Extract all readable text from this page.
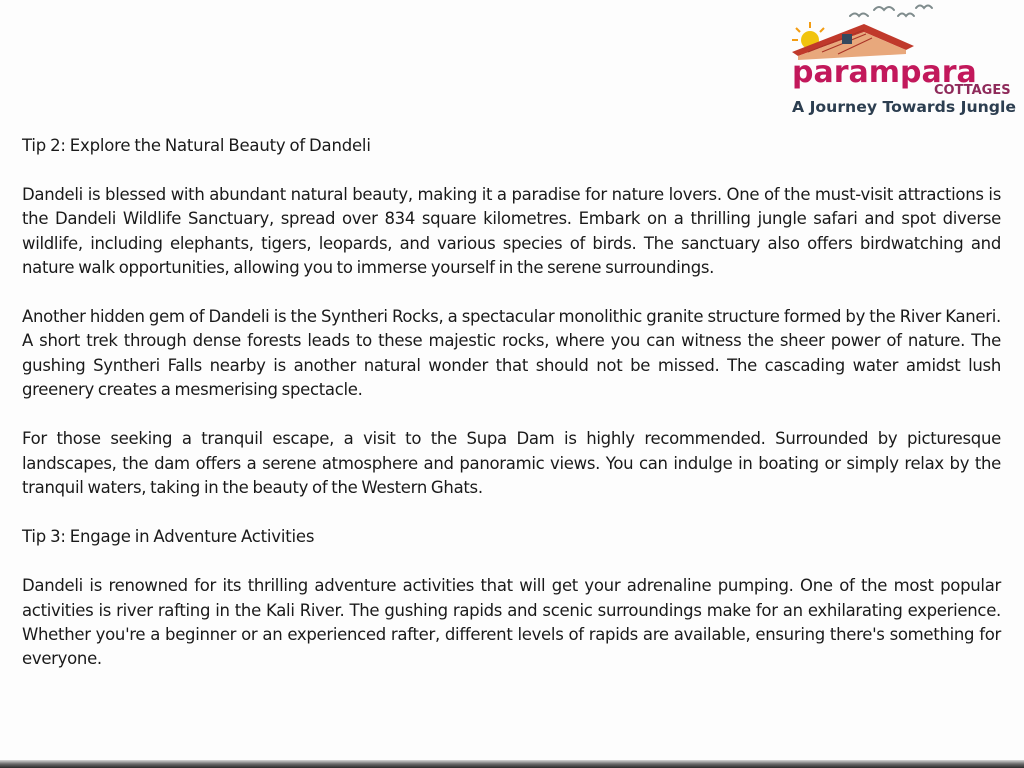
parampara
COTTAGES
A Journey Towards Jungle
Tip 2: Explore the Natural Beauty of Dandeli
Dandeli is blessed with abundant natural beauty, making it a paradise for nature lovers. One of the must-visit attractions is the Dandeli Wildlife Sanctuary, spread over 834 square kilometres. Embark on a thrilling jungle safari and spot diverse wildlife, including elephants, tigers, leopards, and various species of birds. The sanctuary also offers birdwatching and nature walk opportunities, allowing you to immerse yourself in the serene surroundings.
Another hidden gem of Dandeli is the Syntheri Rocks, a spectacular monolithic granite structure formed by the River Kaneri. A short trek through dense forests leads to these majestic rocks, where you can witness the sheer power of nature. The gushing Syntheri Falls nearby is another natural wonder that should not be missed. The cascading water amidst lush greenery creates a mesmerising spectacle.
For those seeking a tranquil escape, a visit to the Supa Dam is highly recommended. Surrounded by picturesque landscapes, the dam offers a serene atmosphere and panoramic views. You can indulge in boating or simply relax by the tranquil waters, taking in the beauty of the Western Ghats.
Tip 3: Engage in Adventure Activities
Dandeli is renowned for its thrilling adventure activities that will get your adrenaline pumping. One of the most popular activities is river rafting in the Kali River. The gushing rapids and scenic surroundings make for an exhilarating experience. Whether you're a beginner or an experienced rafter, different levels of rapids are available, ensuring there's something for everyone.
